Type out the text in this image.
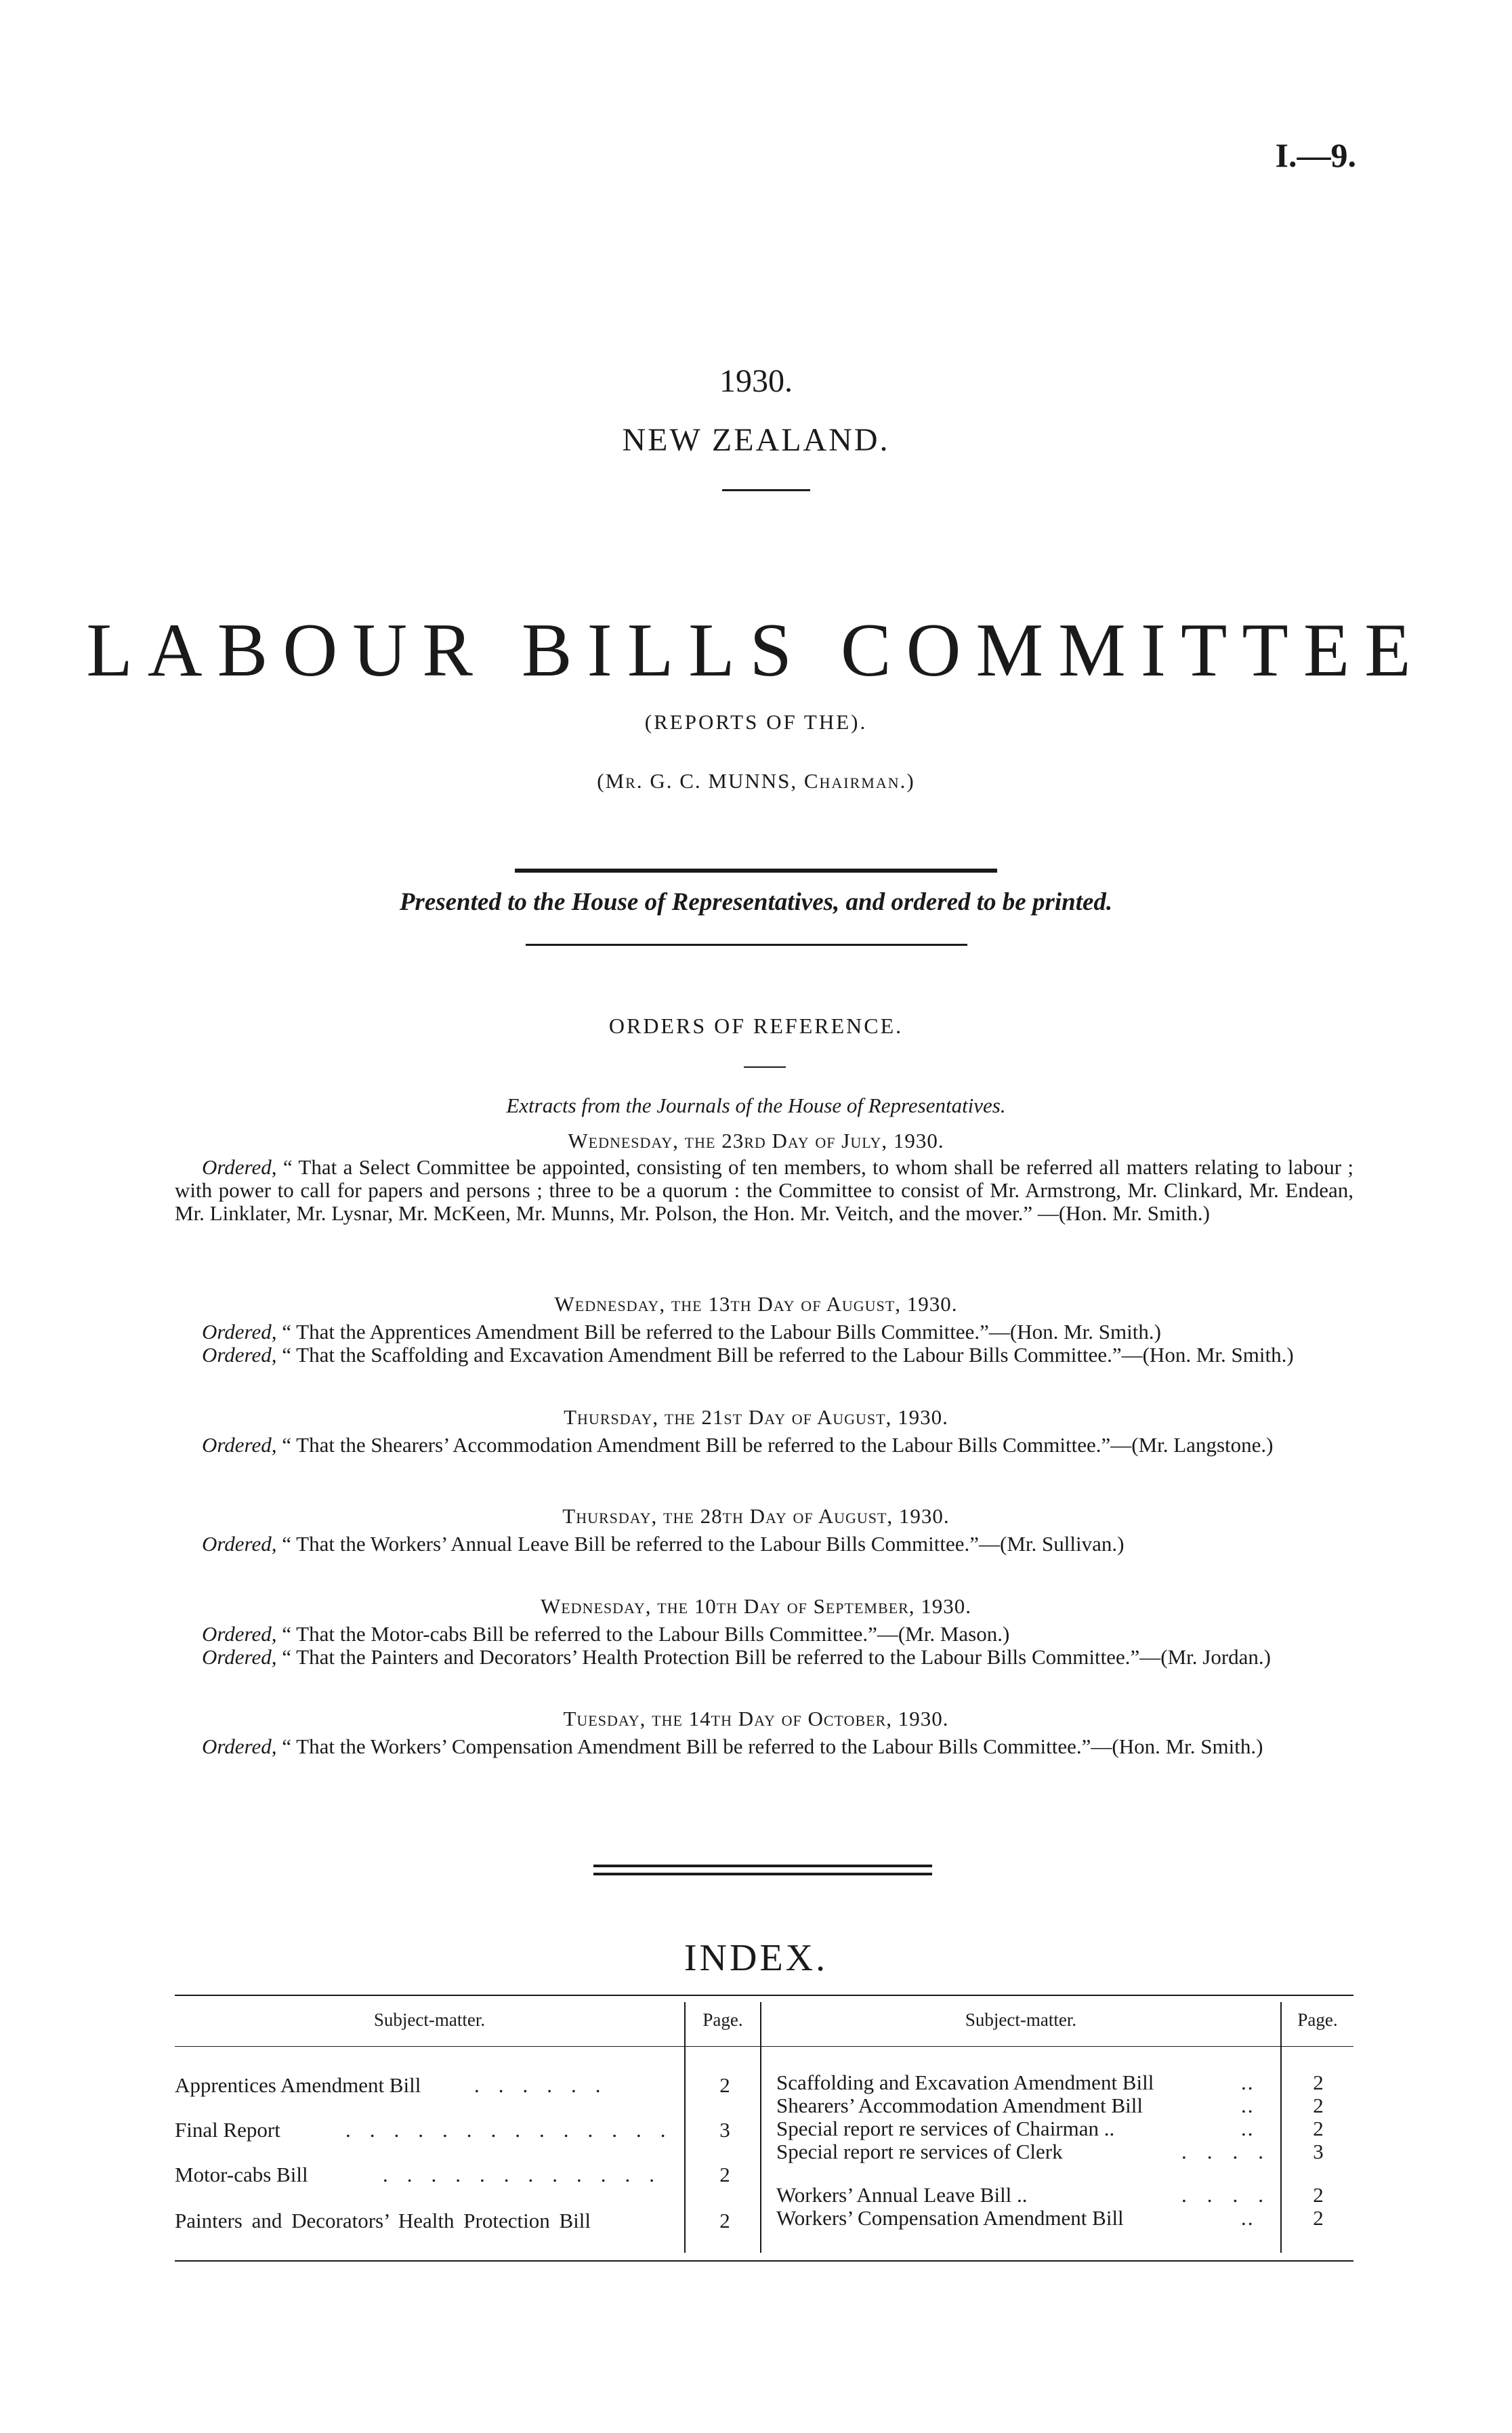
I.—9.
1930.
NEW ZEALAND.
LABOUR BILLS COMMITTEE
(REPORTS OF THE).
(Mr. G. C. MUNNS, Chairman.)
Presented to the House of Representatives, and ordered to be printed.
ORDERS OF REFERENCE.
Extracts from the Journals of the House of Representatives.
Wednesday, the 23rd Day of July, 1930.
Ordered, “ That a Select Committee be appointed, consisting of ten members, to whom shall be referred all matters relating to labour ; with power to call for papers and persons ; three to be a quorum : the Committee to consist of Mr. Armstrong, Mr. Clinkard, Mr. Endean, Mr. Linklater, Mr. Lysnar, Mr. McKeen, Mr. Munns, Mr. Polson, the Hon. Mr. Veitch, and the mover.” —(Hon. Mr. Smith.)
Wednesday, the 13th Day of August, 1930.
Ordered, “ That the Apprentices Amendment Bill be referred to the Labour Bills Committee.”—(Hon. Mr. Smith.)
Ordered, “ That the Scaffolding and Excavation Amendment Bill be referred to the Labour Bills Committee.”—(Hon. Mr. Smith.)
Thursday, the 21st Day of August, 1930.
Ordered, “ That the Shearers’ Accommodation Amendment Bill be referred to the Labour Bills Committee.”—(Mr. Langstone.)
Thursday, the 28th Day of August, 1930.
Ordered, “ That the Workers’ Annual Leave Bill be referred to the Labour Bills Committee.”—(Mr. Sullivan.)
Wednesday, the 10th Day of September, 1930.
Ordered, “ That the Motor-cabs Bill be referred to the Labour Bills Committee.”—(Mr. Mason.)
Ordered, “ That the Painters and Decorators’ Health Protection Bill be referred to the Labour Bills Committee.”—(Mr. Jordan.)
Tuesday, the 14th Day of October, 1930.
Ordered, “ That the Workers’ Compensation Amendment Bill be referred to the Labour Bills Committee.”—(Hon. Mr. Smith.)
INDEX.
Subject-matter.	Page.	Subject-matter.	Page.
Apprentices Amendment Bill	......	2
Final Report	..............	3
Motor-cabs Bill	............	2
Painters and Decorators’ Health Protection Bill	2
Scaffolding and Excavation Amendment Bill	..	2
Shearers’ Accommodation Amendment Bill	..	2
Special report re services of Chairman ..	..	2
Special report re services of Clerk	....	3
Workers’ Annual Leave Bill ..	....	2
Workers’ Compensation Amendment Bill	..	2
